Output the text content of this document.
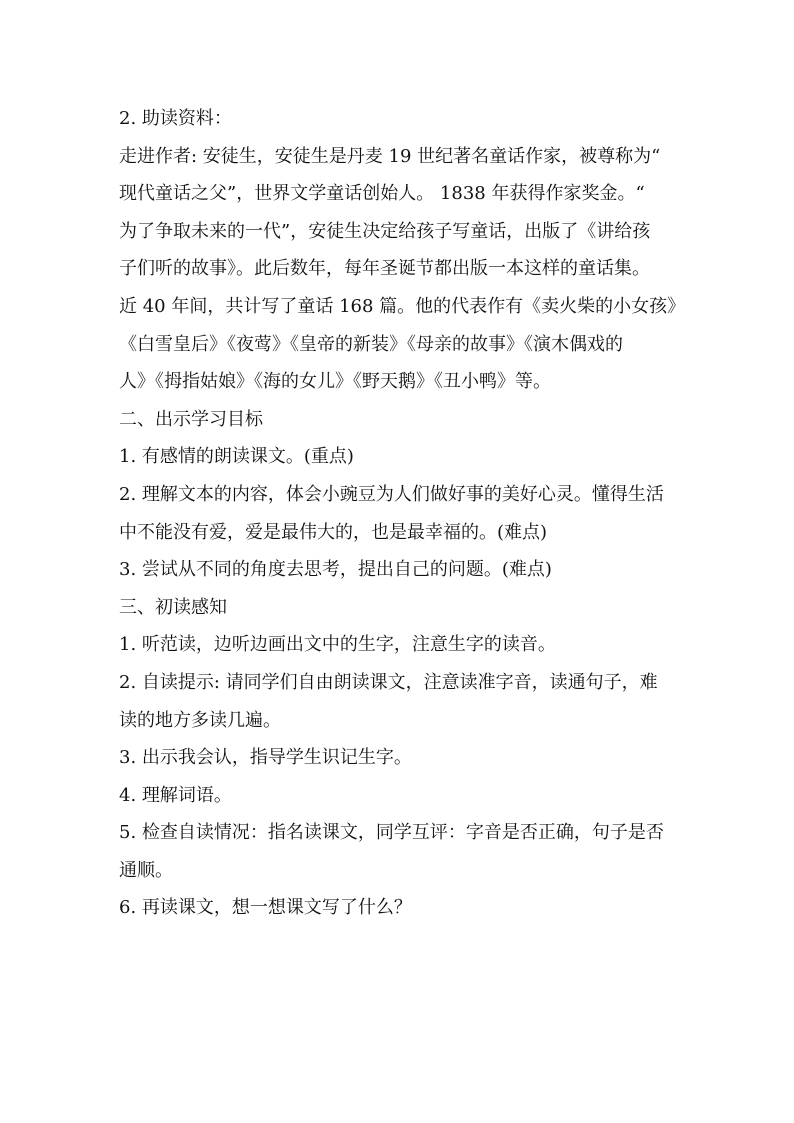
2. 助读资料：

走进作者: 安徒生，安徒生是丹麦 19 世纪著名童话作家，被尊称为“

现代童话之父”，世界文学童话创始人。 1838 年获得作家奖金。“

为了争取未来的一代”，安徒生决定给孩子写童话，出版了《讲给孩

子们听的故事》。此后数年，每年圣诞节都出版一本这样的童话集。

近 40 年间，共计写了童话 168 篇。他的代表作有《卖火柴的小女孩》

《白雪皇后》《夜莺》《皇帝的新装》《母亲的故事》《演木偶戏的

人》《拇指姑娘》《海的女儿》《野天鹅》《丑小鸭》等。

二、出示学习目标

1. 有感情的朗读课文。(重点)

2. 理解文本的内容，体会小豌豆为人们做好事的美好心灵。懂得生活

中不能没有爱，爱是最伟大的，也是最幸福的。(难点)

3. 尝试从不同的角度去思考，提出自己的问题。(难点)

三、初读感知

1. 听范读，边听边画出文中的生字，注意生字的读音。

2. 自读提示: 请同学们自由朗读课文，注意读准字音，读通句子，难

读的地方多读几遍。

3. 出示我会认，指导学生识记生字。

4. 理解词语。

5. 检查自读情况：指名读课文，同学互评：字音是否正确，句子是否

通顺。

6. 再读课文，想一想课文写了什么？
